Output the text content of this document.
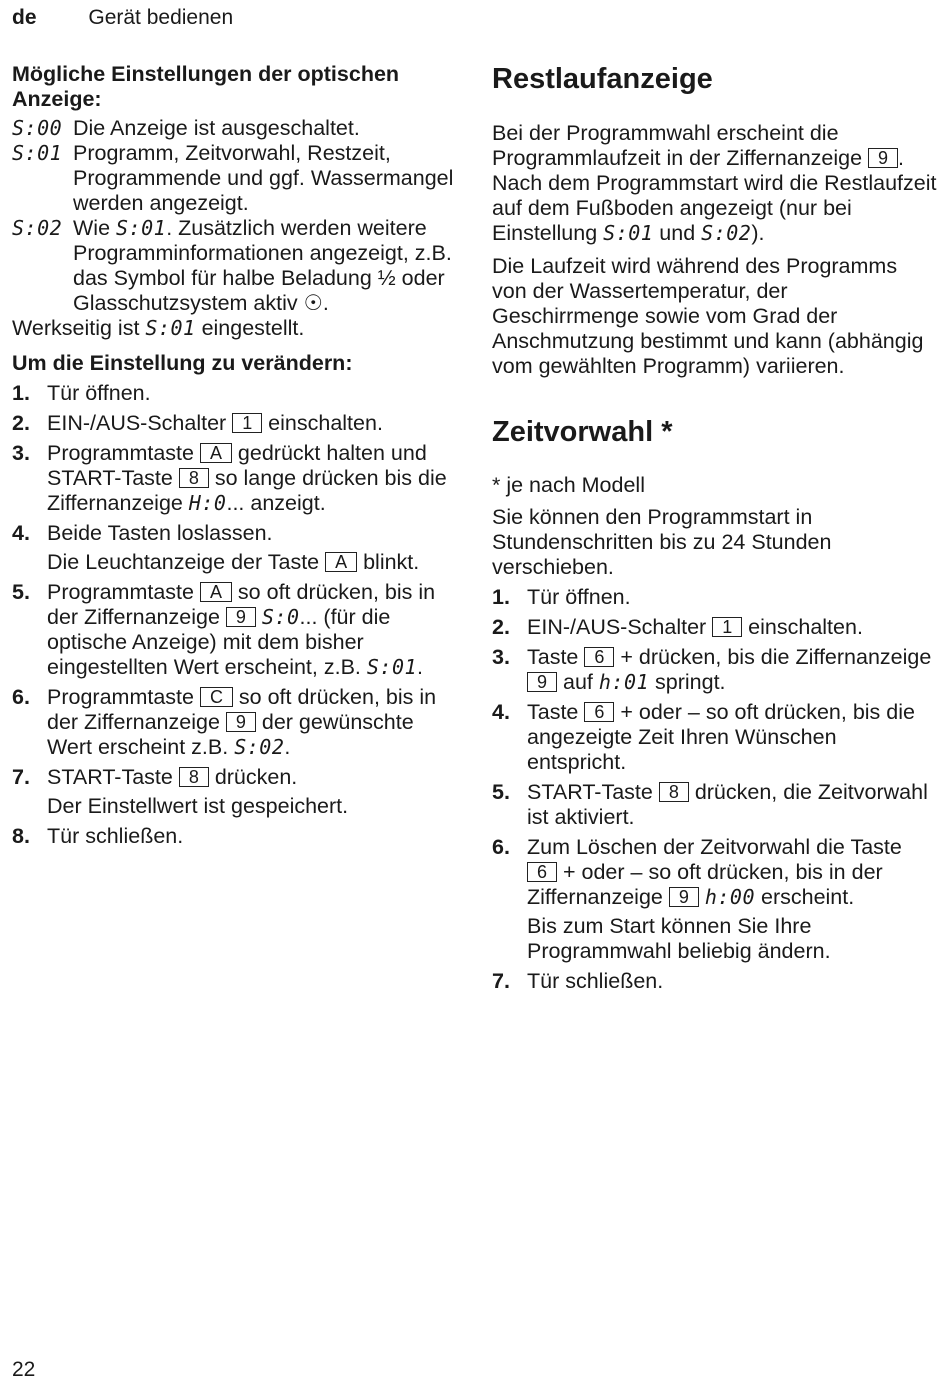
de Gerät bedienen

Mögliche Einstellungen der optischen Anzeige:

S:00 Die Anzeige ist ausgeschaltet.
S:01 Programm, Zeitvorwahl, Restzeit, Programmende und ggf. Wassermangel werden angezeigt.
S:02 Wie S:01. Zusätzlich werden weitere Programminformationen angezeigt, z.B. das Symbol für halbe Beladung ½ oder Glasschutzsystem aktiv ☉.

Werkseitig ist S:01 eingestellt.

Um die Einstellung zu verändern:

1. Tür öffnen.
2. EIN-/AUS-Schalter 1 einschalten.
3. Programmtaste A gedrückt halten und START-Taste 8 so lange drücken bis die Ziffernanzeige H:0... anzeigt.
4. Beide Tasten loslassen.
Die Leuchtanzeige der Taste A blinkt.
5. Programmtaste A so oft drücken, bis in der Ziffernanzeige 9 S:0... (für die optische Anzeige) mit dem bisher eingestellten Wert erscheint, z.B. S:01.
6. Programmtaste C so oft drücken, bis in der Ziffernanzeige 9 der gewünschte Wert erscheint z.B. S:02.
7. START-Taste 8 drücken.
Der Einstellwert ist gespeichert.
8. Tür schließen.

Restlaufanzeige

Bei der Programmwahl erscheint die Programmlaufzeit in der Ziffernanzeige 9 . Nach dem Programmstart wird die Restlaufzeit auf dem Fußboden angezeigt (nur bei Einstellung S:01 und S:02).

Die Laufzeit wird während des Programms von der Wassertemperatur, der Geschirrmenge sowie vom Grad der Anschmutzung bestimmt und kann (abhängig vom gewählten Programm) variieren.

Zeitvorwahl *

* je nach Modell

Sie können den Programmstart in Stundenschritten bis zu 24 Stunden verschieben.

1. Tür öffnen.
2. EIN-/AUS-Schalter 1 einschalten.
3. Taste 6 + drücken, bis die Ziffernanzeige 9 auf h:01 springt.
4. Taste 6 + oder – so oft drücken, bis die angezeigte Zeit Ihren Wünschen entspricht.
5. START-Taste 8 drücken, die Zeitvorwahl ist aktiviert.
6. Zum Löschen der Zeitvorwahl die Taste 6 + oder – so oft drücken, bis in der Ziffernanzeige 9 h:00 erscheint.
Bis zum Start können Sie Ihre Programmwahl beliebig ändern.
7. Tür schließen.
22
